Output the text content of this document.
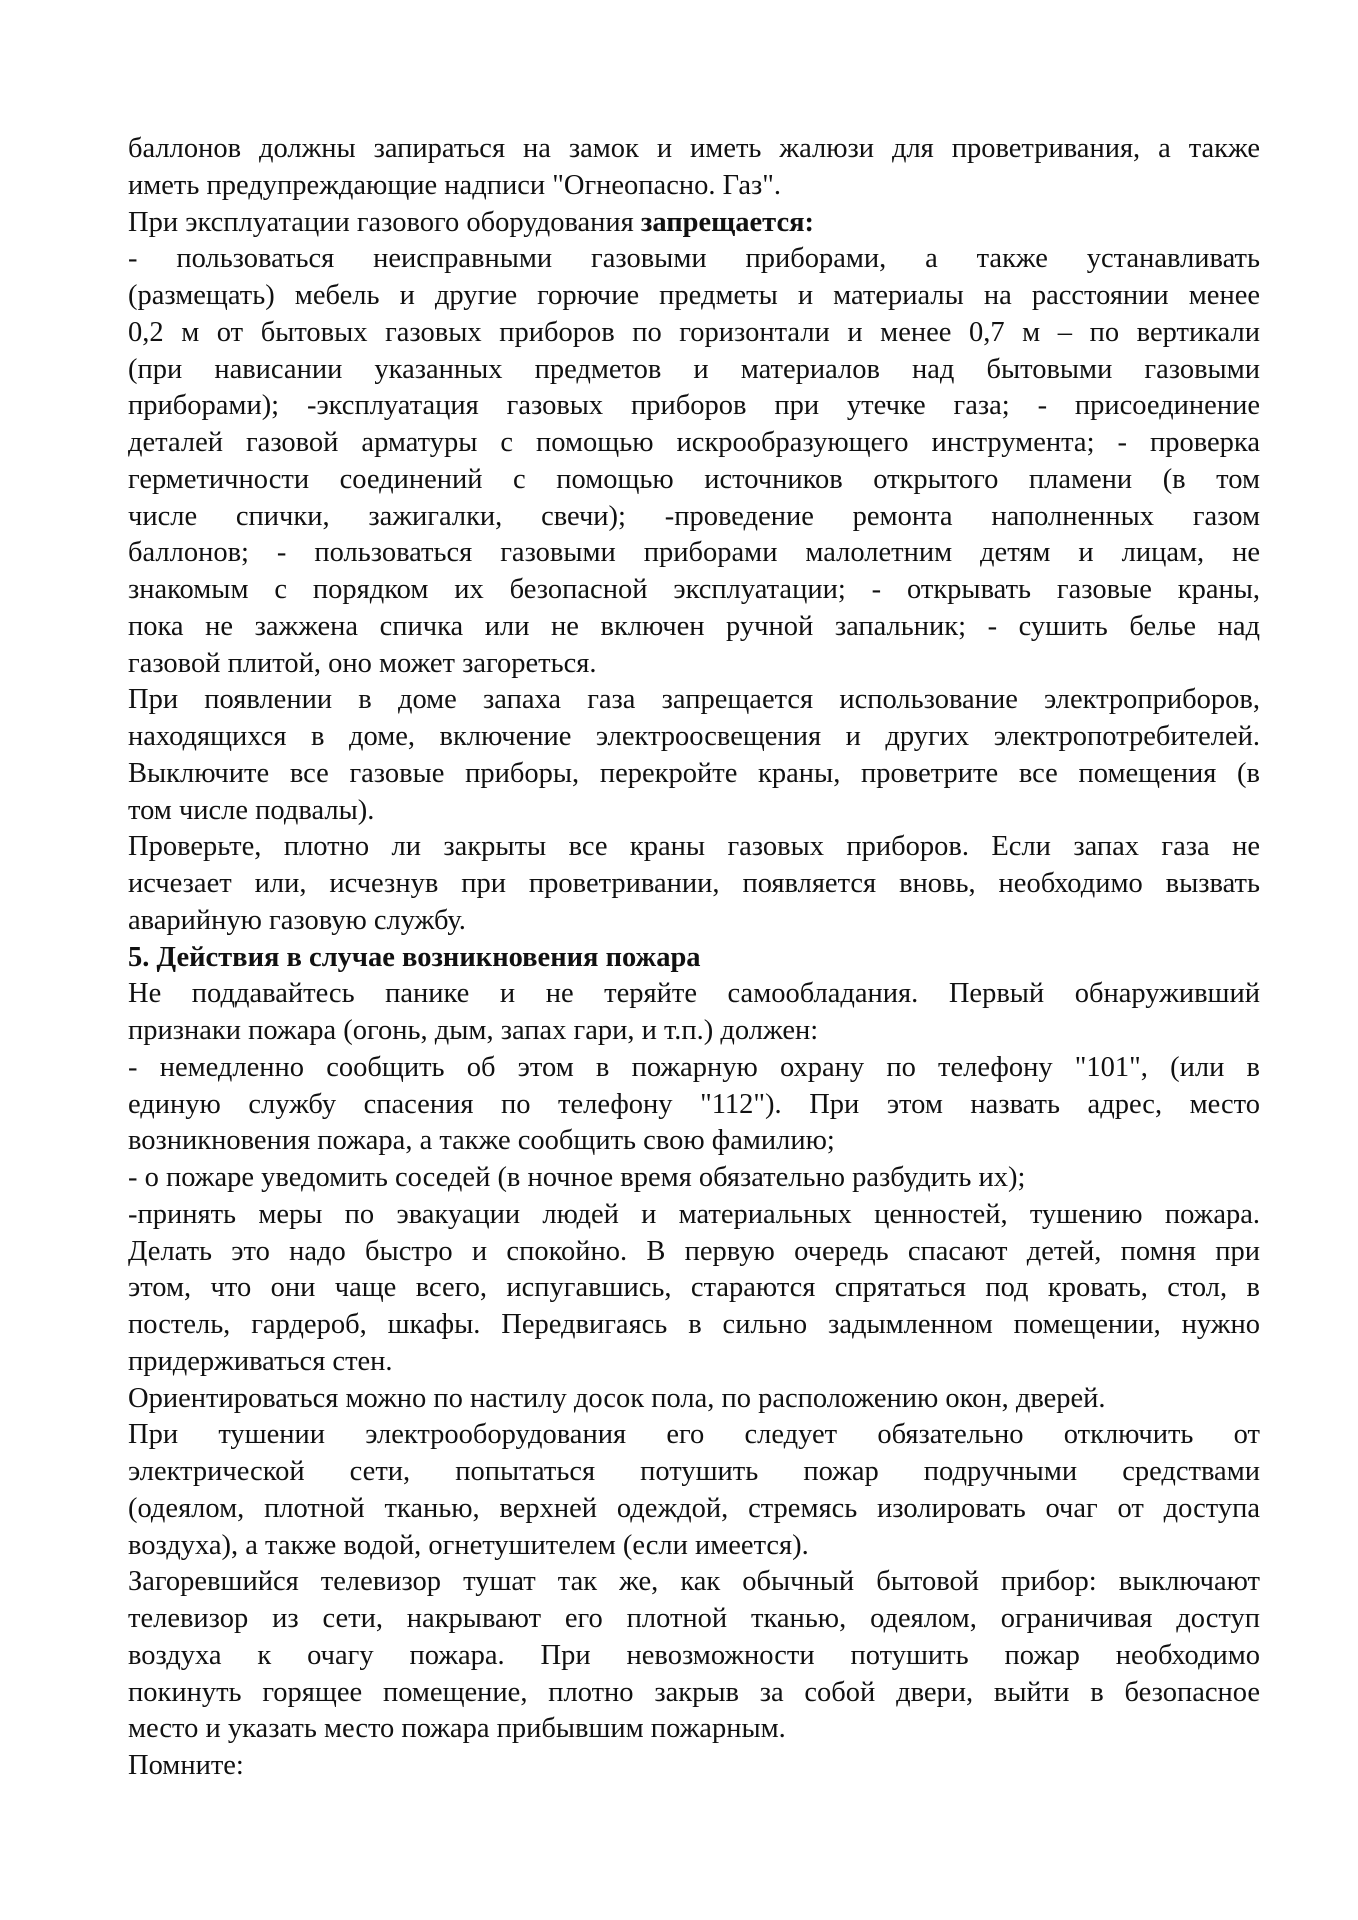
баллонов должны запираться на замок и иметь жалюзи для проветривания, а также
иметь предупреждающие надписи "Огнеопасно. Газ".
При эксплуатации газового оборудования запрещается:
- пользоваться неисправными газовыми приборами, а также устанавливать
(размещать) мебель и другие горючие предметы и материалы на расстоянии менее
0,2 м от бытовых газовых приборов по горизонтали и менее 0,7 м – по вертикали
(при нависании указанных предметов и материалов над бытовыми газовыми
приборами); -эксплуатация газовых приборов при утечке газа; - присоединение
деталей газовой арматуры с помощью искрообразующего инструмента; - проверка
герметичности соединений с помощью источников открытого пламени (в том
числе спички, зажигалки, свечи); -проведение ремонта наполненных газом
баллонов; - пользоваться газовыми приборами малолетним детям и лицам, не
знакомым с порядком их безопасной эксплуатации; - открывать газовые краны,
пока не зажжена спичка или не включен ручной запальник; - сушить белье над
газовой плитой, оно может загореться.
При появлении в доме запаха газа запрещается использование электроприборов,
находящихся в доме, включение электроосвещения и других электропотребителей.
Выключите все газовые приборы, перекройте краны, проветрите все помещения (в
том числе подвалы).
Проверьте, плотно ли закрыты все краны газовых приборов. Если запах газа не
исчезает или, исчезнув при проветривании, появляется вновь, необходимо вызвать
аварийную газовую службу.
5. Действия в случае возникновения пожара
Не поддавайтесь панике и не теряйте самообладания. Первый обнаруживший
признаки пожара (огонь, дым, запах гари, и т.п.) должен:
- немедленно сообщить об этом в пожарную охрану по телефону "101", (или в
единую службу спасения по телефону "112"). При этом назвать адрес, место
возникновения пожара, а также сообщить свою фамилию;
- о пожаре уведомить соседей (в ночное время обязательно разбудить их);
-принять меры по эвакуации людей и материальных ценностей, тушению пожара.
Делать это надо быстро и спокойно. В первую очередь спасают детей, помня при
этом, что они чаще всего, испугавшись, стараются спрятаться под кровать, стол, в
постель, гардероб, шкафы. Передвигаясь в сильно задымленном помещении, нужно
придерживаться стен.
Ориентироваться можно по настилу досок пола, по расположению окон, дверей.
При тушении электрооборудования его следует обязательно отключить от
электрической сети, попытаться потушить пожар подручными средствами
(одеялом, плотной тканью, верхней одеждой, стремясь изолировать очаг от доступа
воздуха), а также водой, огнетушителем (если имеется).
Загоревшийся телевизор тушат так же, как обычный бытовой прибор: выключают
телевизор из сети, накрывают его плотной тканью, одеялом, ограничивая доступ
воздуха к очагу пожара. При невозможности потушить пожар необходимо
покинуть горящее помещение, плотно закрыв за собой двери, выйти в безопасное
место и указать место пожара прибывшим пожарным.
Помните:
